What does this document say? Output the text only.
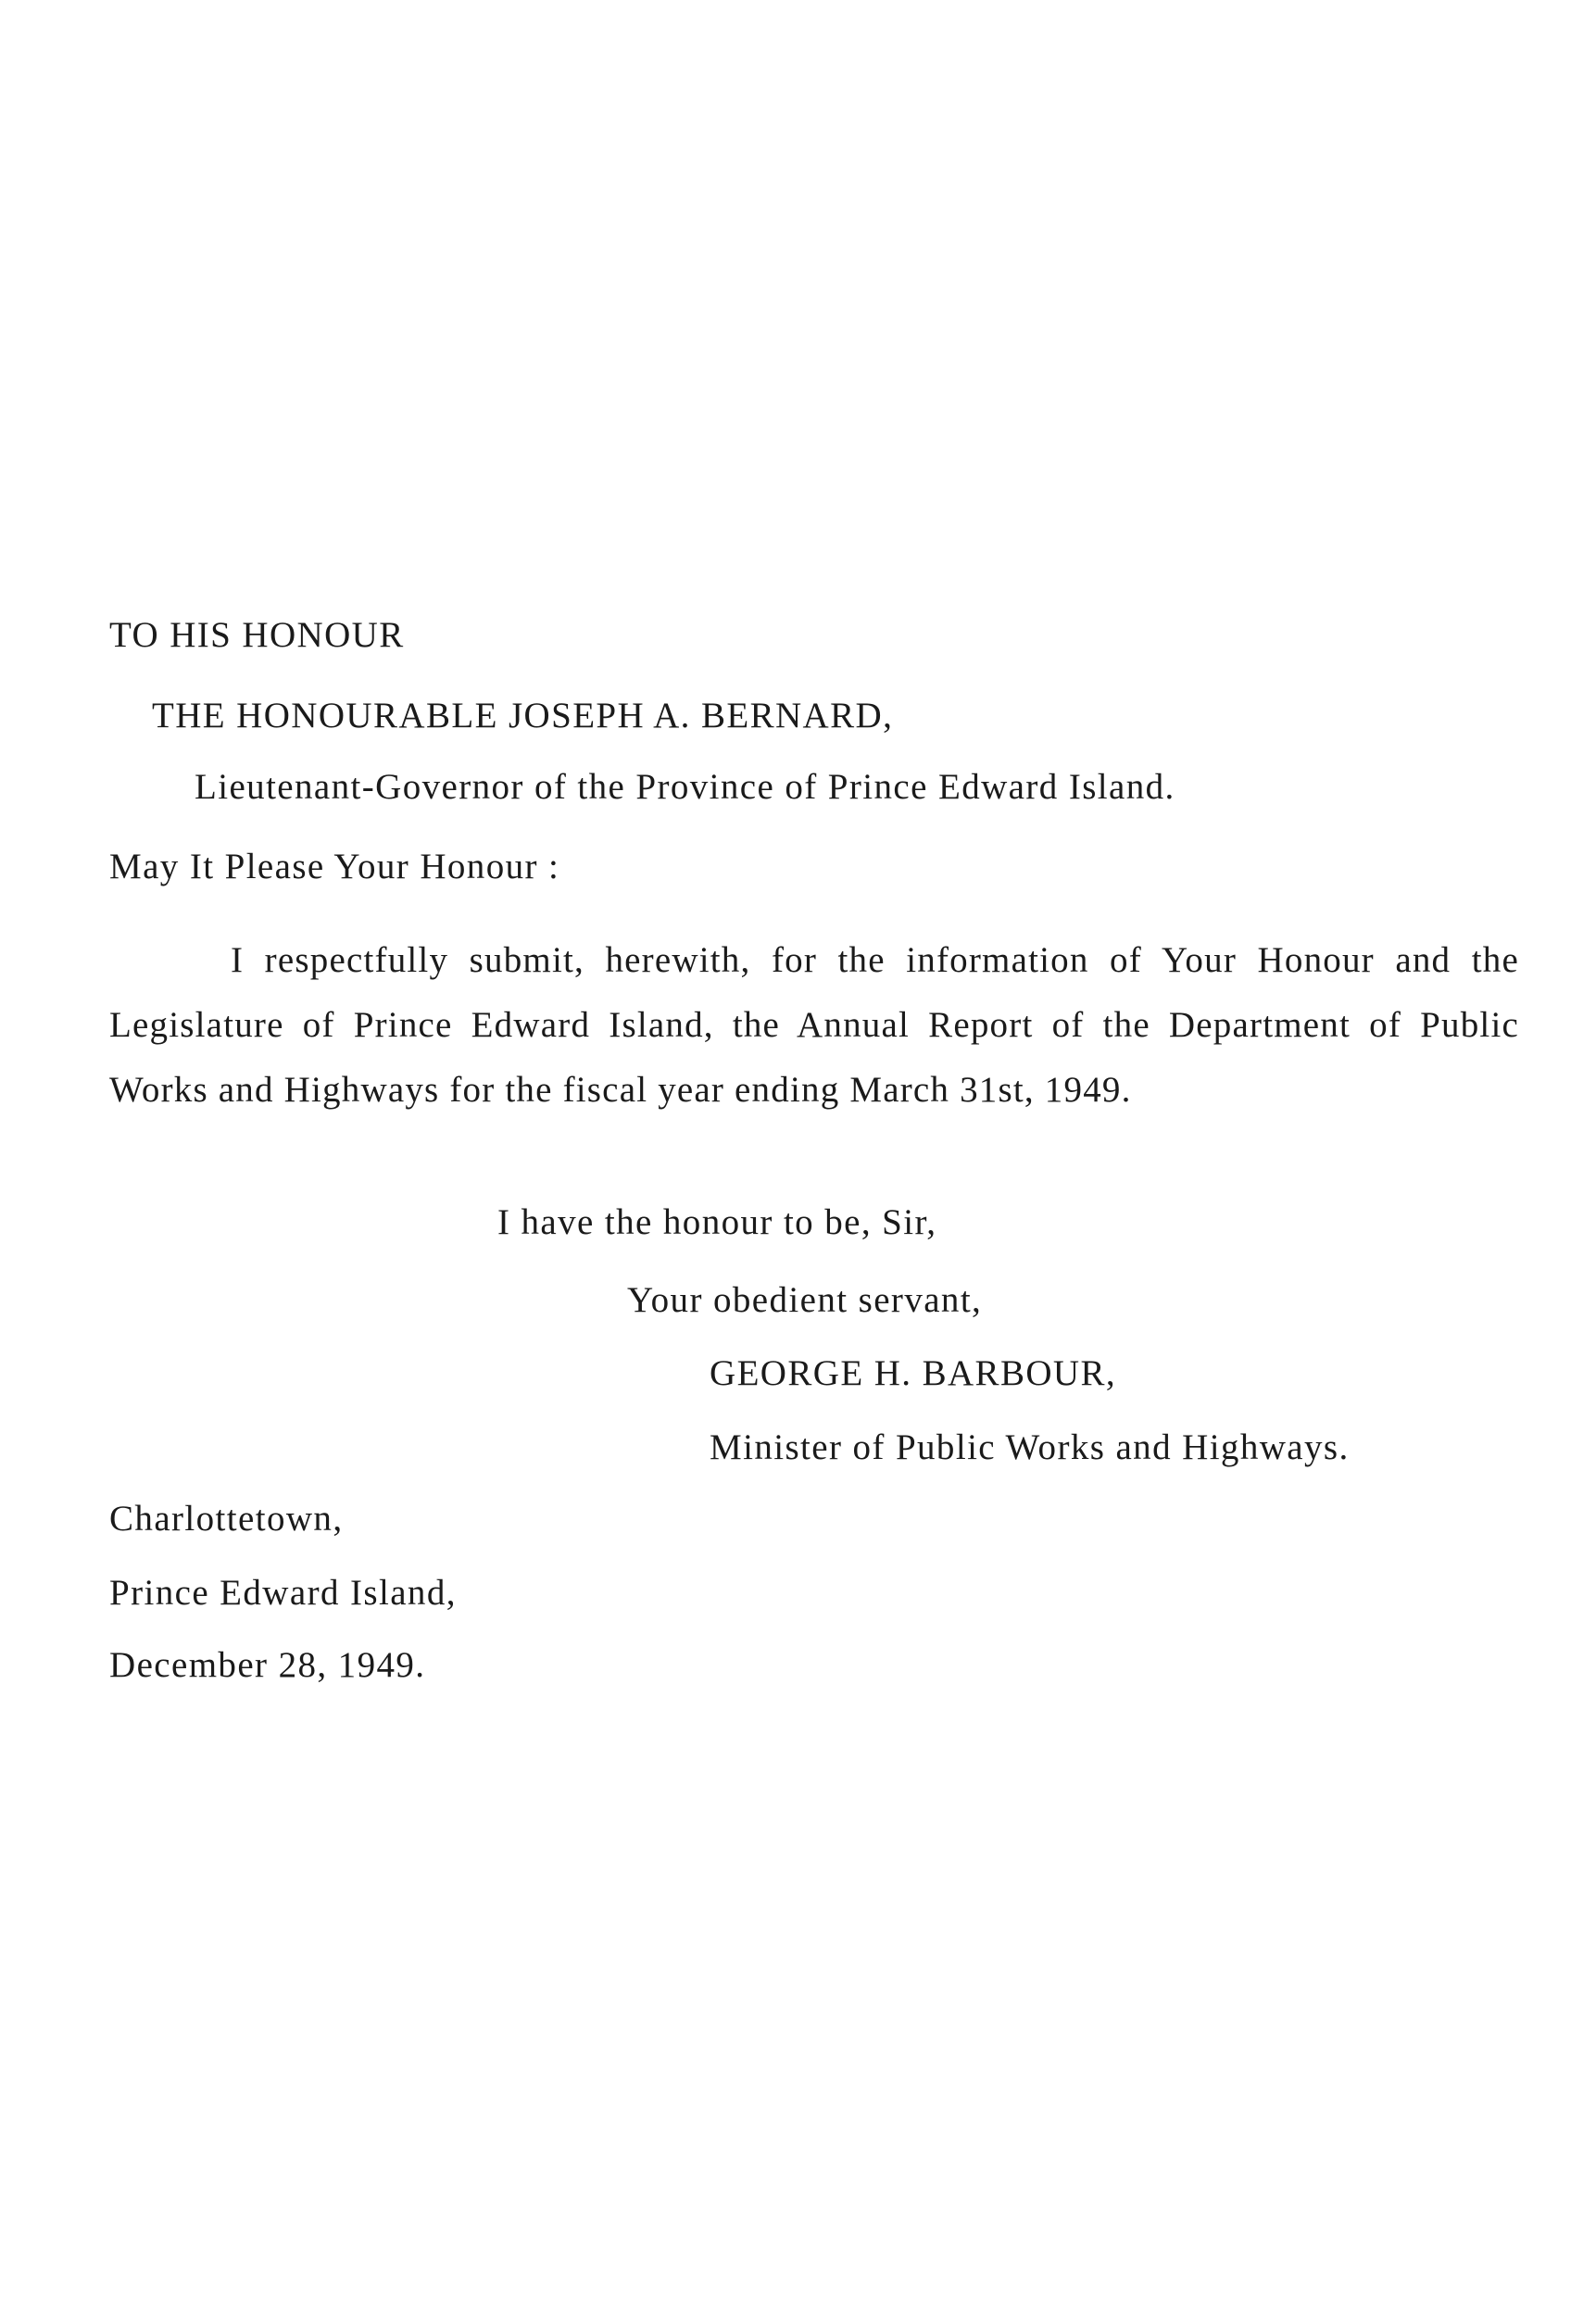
TO HIS HONOUR
THE HONOURABLE JOSEPH A. BERNARD,
Lieutenant-Governor of the Province of Prince Edward Island.
May It Please Your Honour :
I respectfully submit, herewith, for the information of Your Honour and the Legislature of Prince Edward Island, the Annual Report of the Department of Public Works and Highways for the fiscal year ending March 31st, 1949.
I have the honour to be, Sir,
Your obedient servant,
GEORGE H. BARBOUR,
Minister of Public Works and Highways.
Charlottetown,
Prince Edward Island,
December 28, 1949.
